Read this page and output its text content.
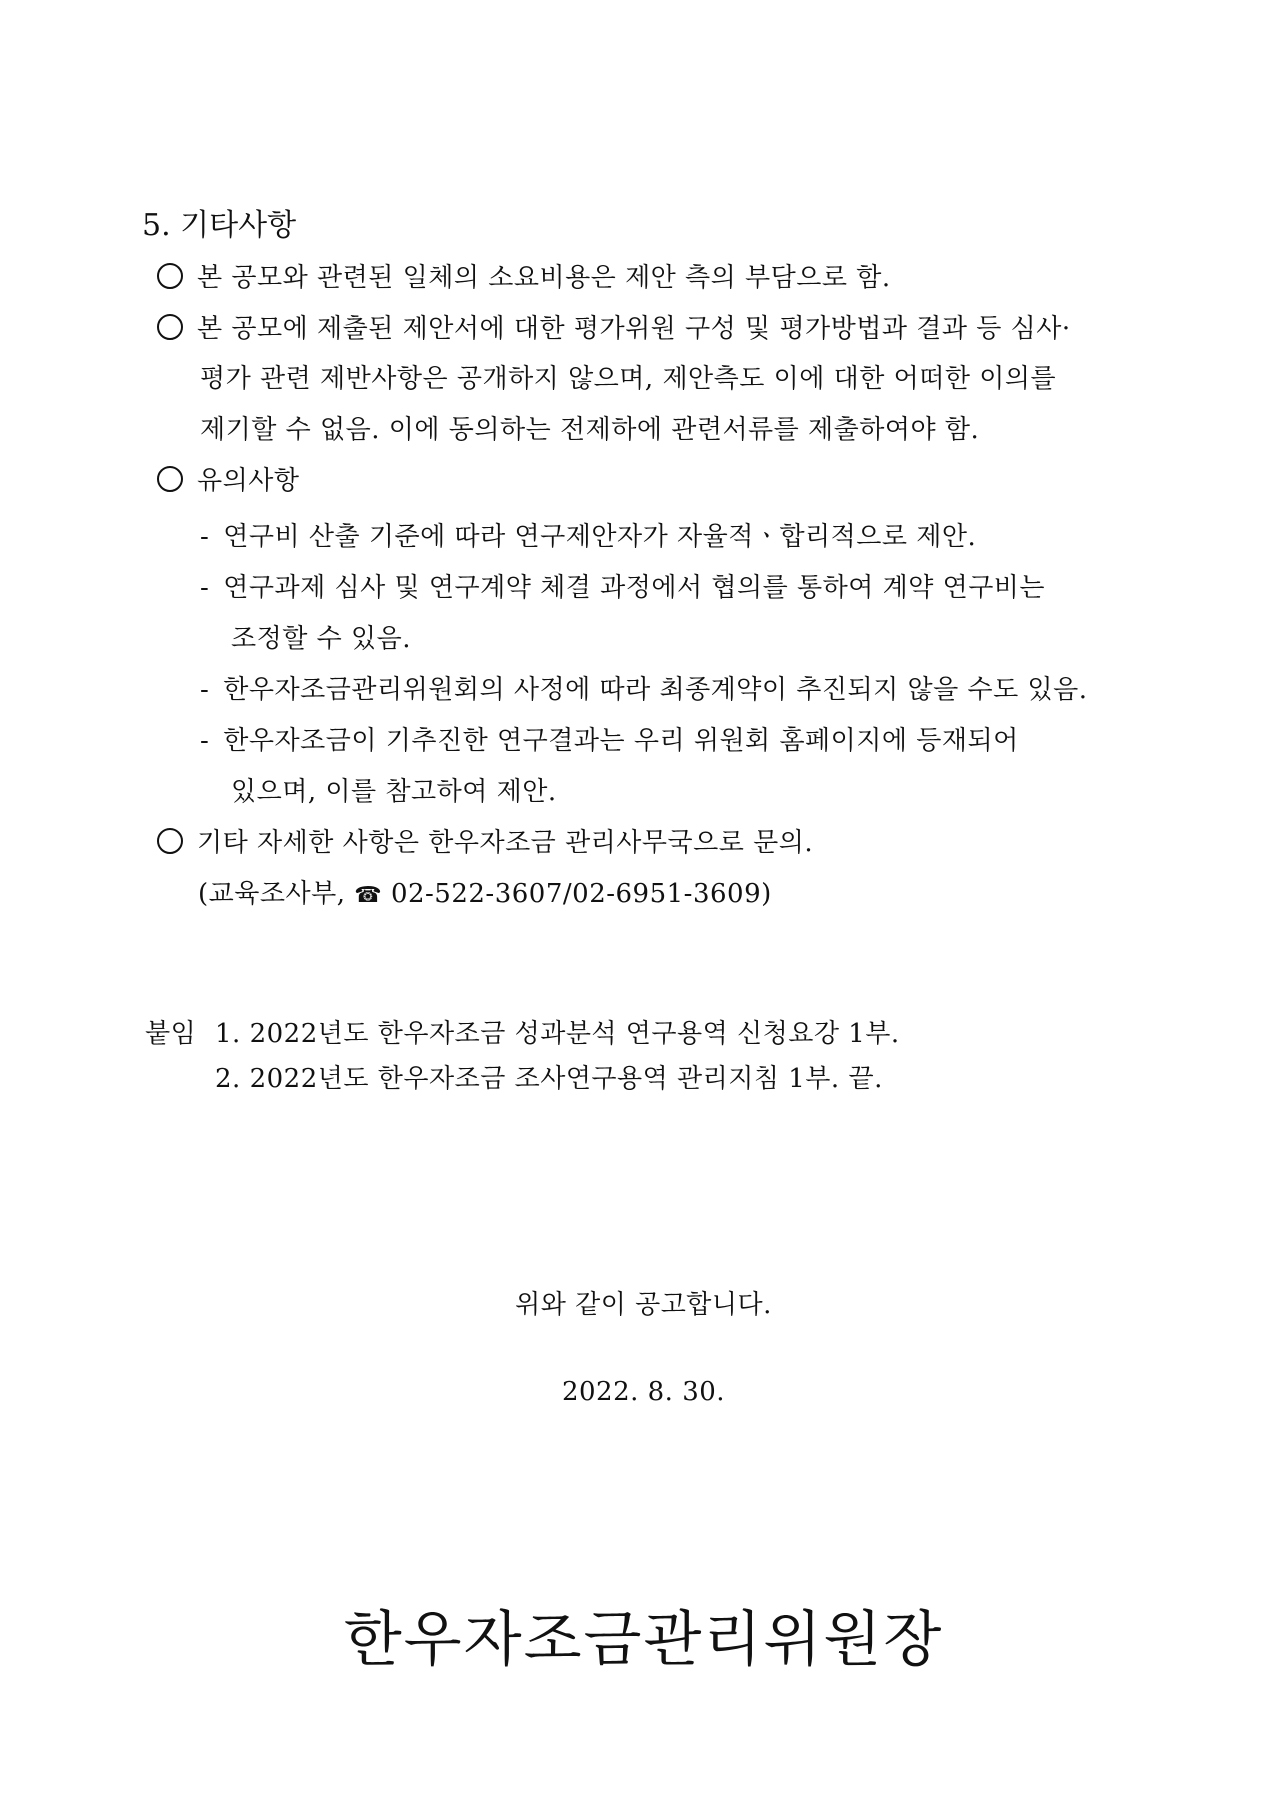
5. 기타사항
본 공모와 관련된 일체의 소요비용은 제안 측의 부담으로 함.
본 공모에 제출된 제안서에 대한 평가위원 구성 및 평가방법과 결과 등 심사·
평가 관련 제반사항은 공개하지 않으며, 제안측도 이에 대한 어떠한 이의를
제기할 수 없음. 이에 동의하는 전제하에 관련서류를 제출하여야 함.
유의사항
- 연구비 산출 기준에 따라 연구제안자가 자율적ㆍ합리적으로 제안.
- 연구과제 심사 및 연구계약 체결 과정에서 협의를 통하여 계약 연구비는
조정할 수 있음.
- 한우자조금관리위원회의 사정에 따라 최종계약이 추진되지 않을 수도 있음.
- 한우자조금이 기추진한 연구결과는 우리 위원회 홈페이지에 등재되어
있으며, 이를 참고하여 제안.
기타 자세한 사항은 한우자조금 관리사무국으로 문의.
(교육조사부, ☎ 02-522-3607/02-6951-3609)
붙임 1. 2022년도 한우자조금 성과분석 연구용역 신청요강 1부.
2. 2022년도 한우자조금 조사연구용역 관리지침 1부. 끝.
위와 같이 공고합니다.
2022. 8. 30.
한우자조금관리위원장
